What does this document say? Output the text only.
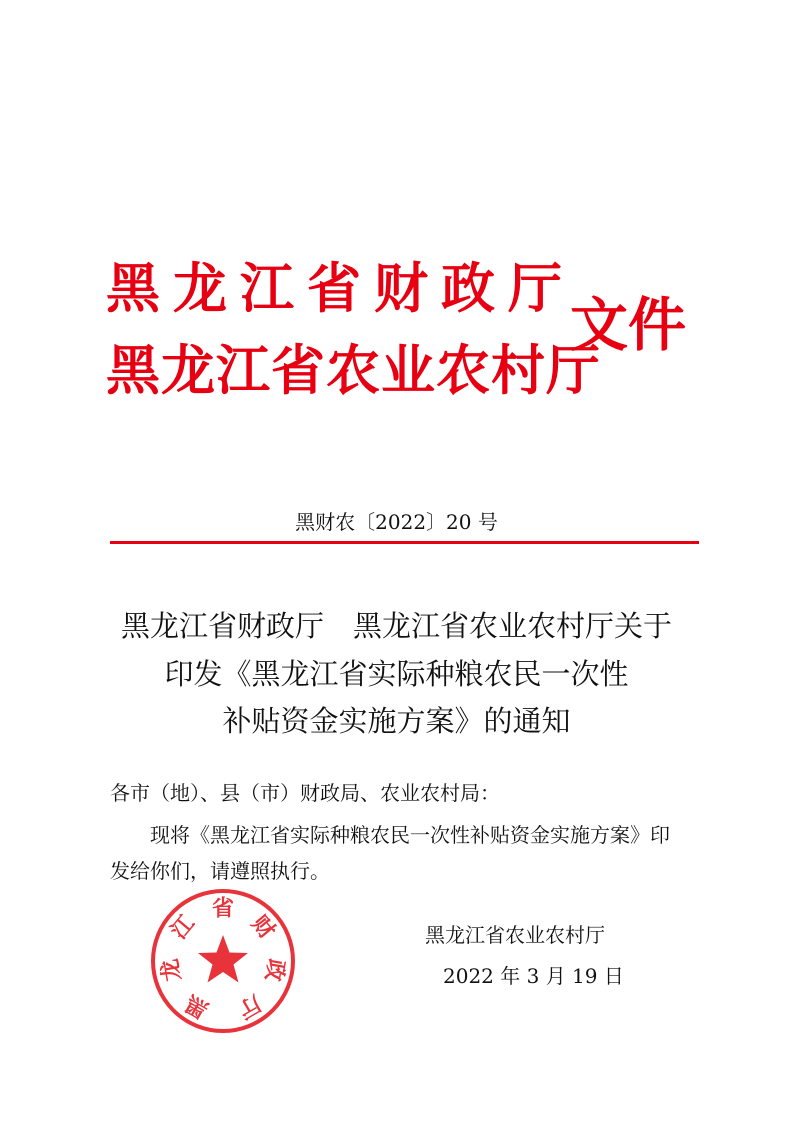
黑龙江省财政厅
黑龙江省农业农村厅
文件
黑财农〔2022〕20 号
黑龙江省财政厅　黑龙江省农业农村厅关于
印发《黑龙江省实际种粮农民一次性
补贴资金实施方案》的通知
各市（地）、县（市）财政局、农业农村局：
现将《黑龙江省实际种粮农民一次性补贴资金实施方案》印
发给你们，请遵照执行。
黑龙江省农业农村厅
2022 年 3 月 19 日
黑
龙
江
省
财
政
厅
